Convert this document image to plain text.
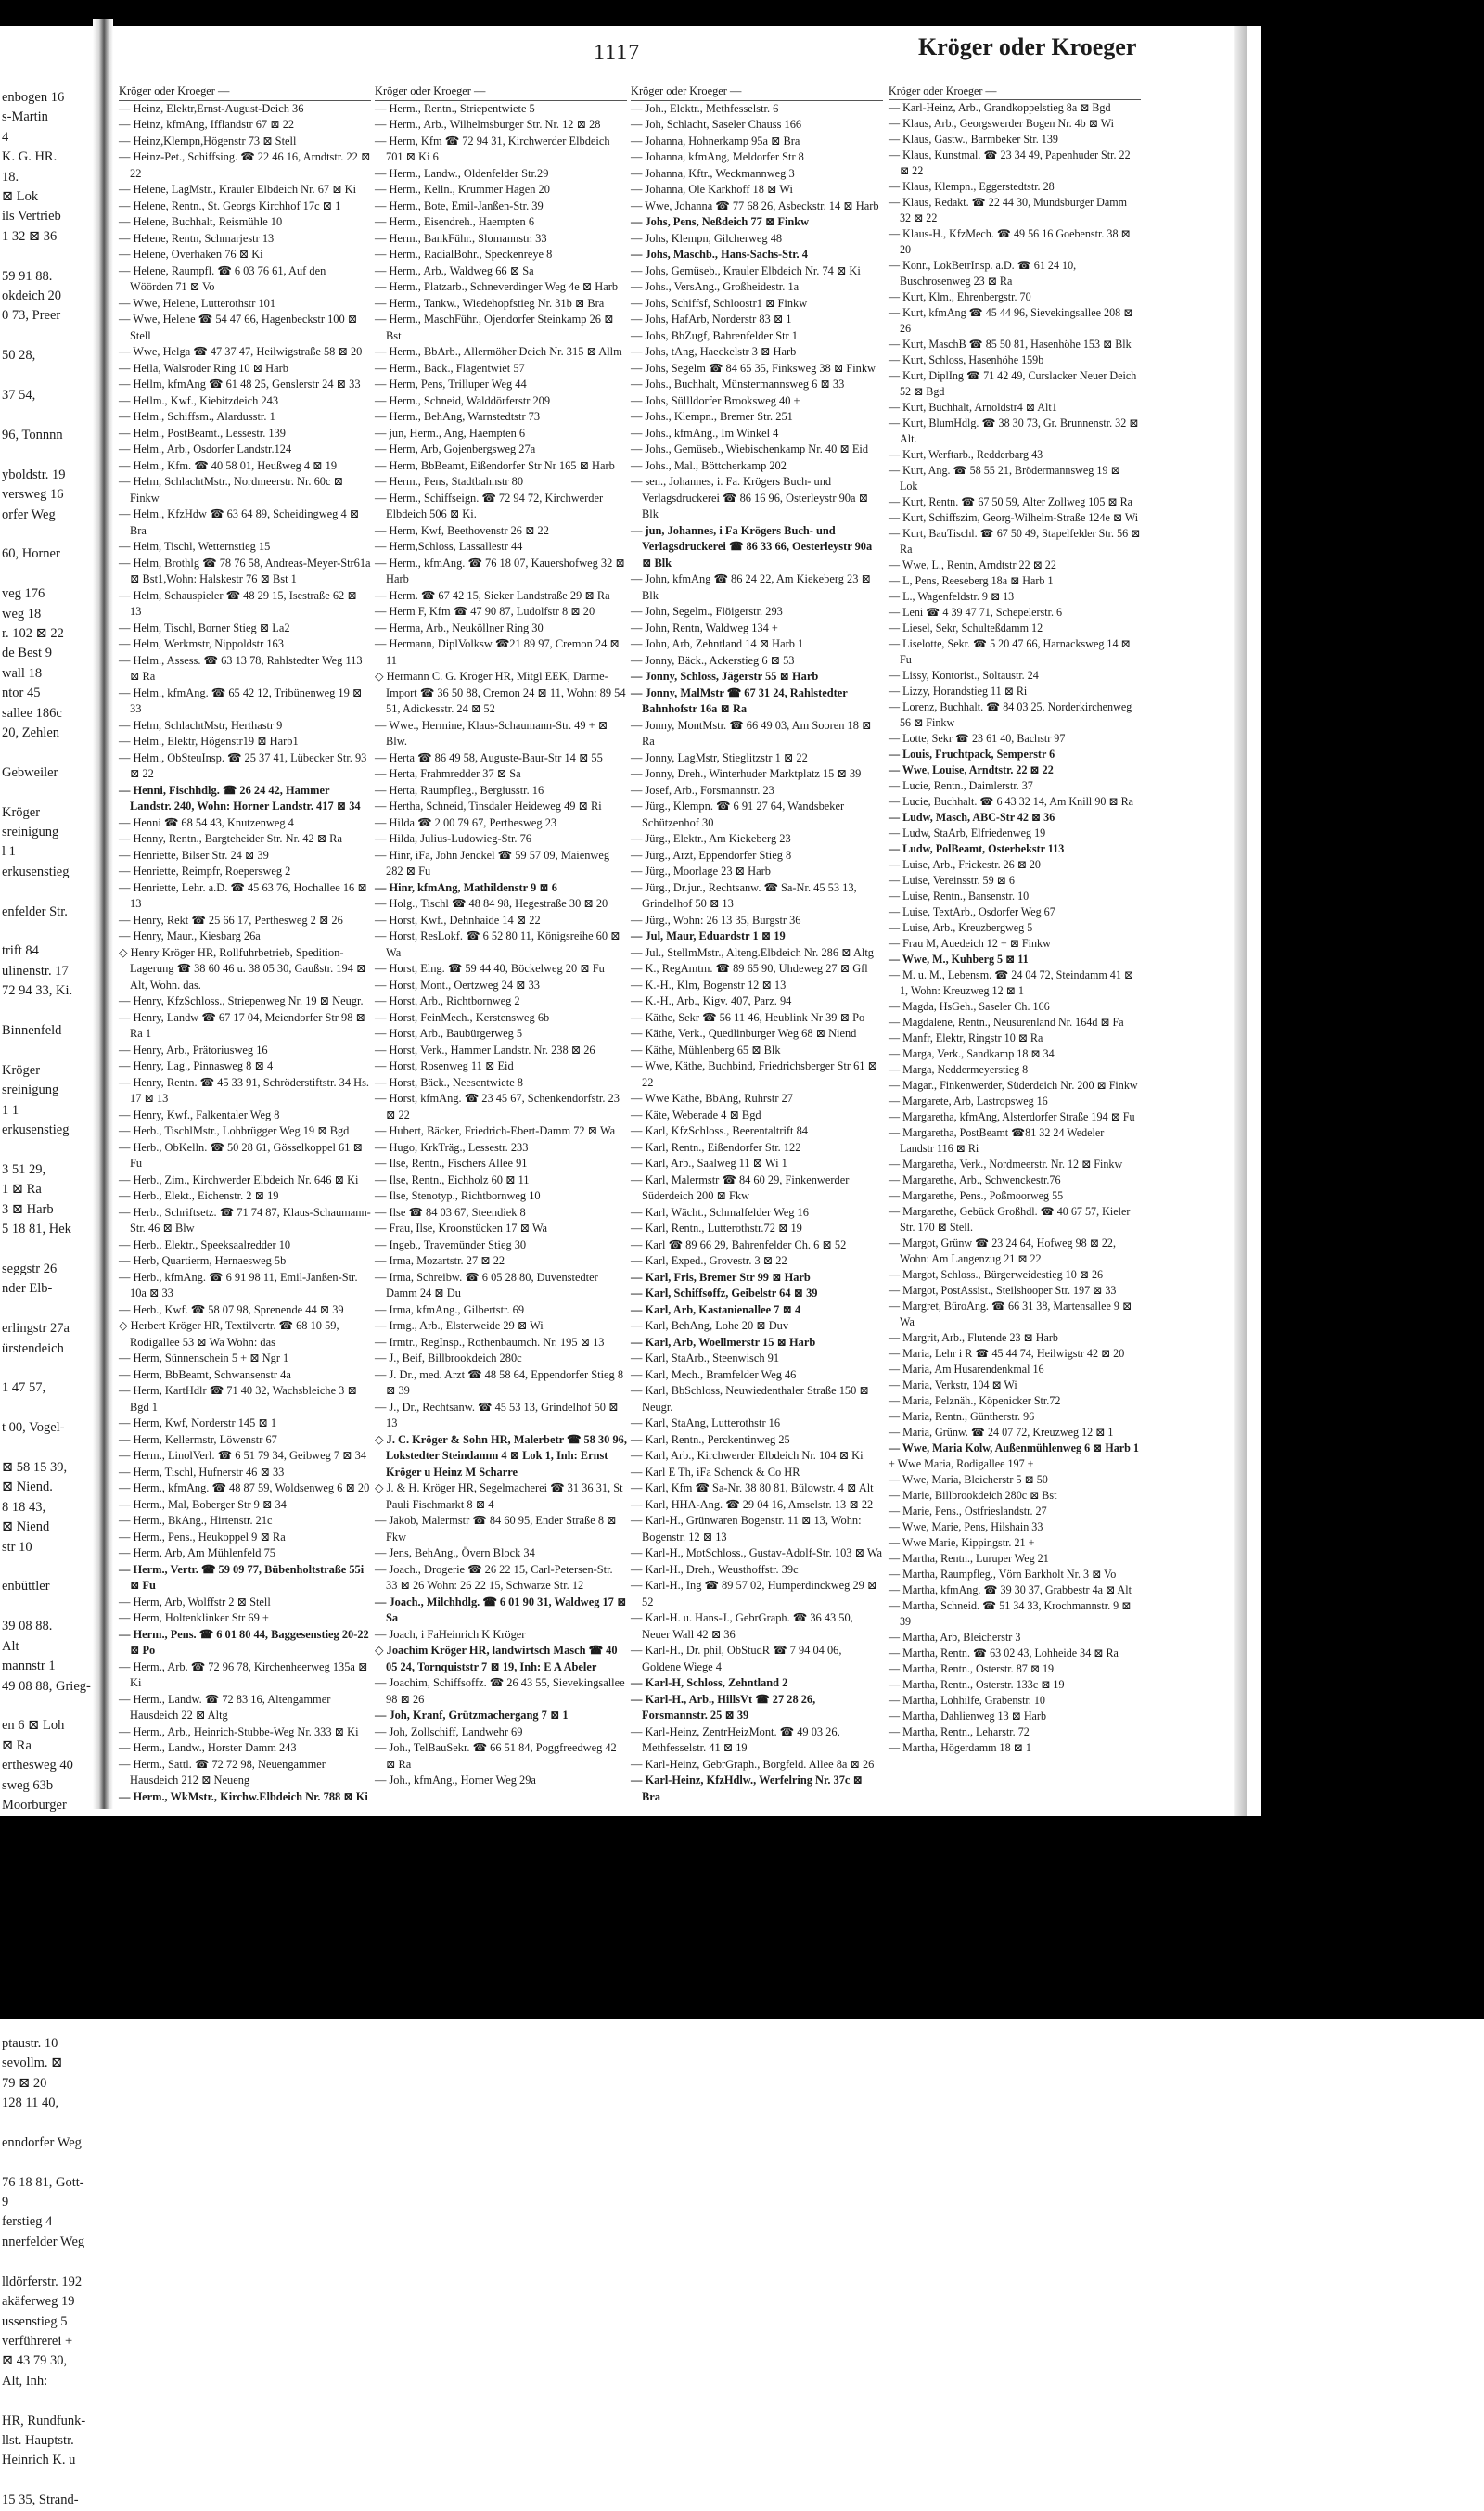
enbogen 16
s-Martin
4
K. G. HR.
18.
⊠ Lok
ils Vertrieb
1 32 ⊠ 36

59 91 88.
okdeich 20
0 73, Preer

50 28,

37 54,

96, Tonnnn

yboldstr. 19
versweg 16
orfer Weg

60, Horner

veg 176
weg 18
r. 102 ⊠ 22
de Best 9
wall 18
ntor 45
sallee 186c
20, Zehlen

Gebweiler

Kröger
sreinigung
l 1
erkusenstieg

enfelder Str.

trift 84
ulinenstr. 17
72 94 33, Ki.

Binnenfeld

Kröger
sreinigung
1 1
erkusenstieg

3 51 29,
1 ⊠ Ra
3 ⊠ Harb
5 18 81, Hek

seggstr 26
nder Elb-

erlingstr 27a
ürstendeich

1 47 57,

t 00, Vogel-

⊠ 58 15 39,
⊠ Niend.
8 18 43,
⊠ Niend
str 10

enbüttler

39 08 88.
Alt
mannstr 1
49 08 88, Grieg-

en 6 ⊠ Loh
⊠ Ra
erthesweg 40
sweg 63b
Moorburger

ptaustr. 10
sevollm. ⊠
79 ⊠ 20
128 11 40,

enndorfer Weg

76 18 81, Gott-
9
ferstieg 4
nnerfelder Weg

lldörferstr. 192
akäferweg 19
ussenstieg 5
verführerei +
⊠ 43 79 30,
Alt, Inh:

HR, Rundfunk-
llst. Hauptstr.
Heinrich K. u

15 35, Strand-
1117	Kröger oder Kroeger
Kröger oder Kroeger —
— Heinz, Elektr,Ernst-August-Deich 36
— Heinz, kfmAng, Ifflandstr 67 ⊠ 22
— Heinz,Klempn,Högenstr 73 ⊠ Stell
— Heinz-Pet., Schiffsing. ☎ 22 46 16, Arndtstr. 22 ⊠ 22
— Helene, LagMstr., Kräuler Elbdeich Nr. 67 ⊠ Ki
— Helene, Rentn., St. Georgs Kirchhof 17c ⊠ 1
— Helene, Buchhalt, Reismühle 10
— Helene, Rentn, Schmarjestr 13
— Helene, Overhaken 76 ⊠ Ki
— Helene, Raumpfl. ☎ 6 03 76 61, Auf den Wöörden 71 ⊠ Vo
— Wwe, Helene, Lutterothstr 101
— Wwe, Helene ☎ 54 47 66, Hagenbeckstr 100 ⊠ Stell
— Wwe, Helga ☎ 47 37 47, Heilwigstraße 58 ⊠ 20
— Hella, Walsroder Ring 10 ⊠ Harb
— Hellm, kfmAng ☎ 61 48 25, Genslerstr 24 ⊠ 33
— Hellm., Kwf., Kiebitzdeich 243
— Helm., Schiffsm., Alardusstr. 1
— Helm., PostBeamt., Lessestr. 139
— Helm., Arb., Osdorfer Landstr.124
— Helm., Kfm. ☎ 40 58 01, Heußweg 4 ⊠ 19
— Helm, SchlachtMstr., Nordmeerstr. Nr. 60c ⊠ Finkw
— Helm., KfzHdw ☎ 63 64 89, Scheidingweg 4 ⊠ Bra
— Helm, Tischl, Wetternstieg 15
— Helm, Brothlg ☎ 78 76 58, Andreas-Meyer-Str61a ⊠ Bst1,Wohn: Halskestr 76 ⊠ Bst 1
— Helm, Schauspieler ☎ 48 29 15, Isestraße 62 ⊠ 13
— Helm, Tischl, Borner Stieg ⊠ La2
— Helm, Werkmstr, Nippoldstr 163
— Helm., Assess. ☎ 63 13 78, Rahlstedter Weg 113 ⊠ Ra
— Helm., kfmAng. ☎ 65 42 12, Tribünenweg 19 ⊠ 33
— Helm, SchlachtMstr, Herthastr 9
— Helm., Elektr, Högenstr19 ⊠ Harb1
— Helm., ObSteuInsp. ☎ 25 37 41, Lübecker Str. 93 ⊠ 22
— Henni, Fischhdlg. ☎ 26 24 42, Hammer Landstr. 240, Wohn: Horner Landstr. 417 ⊠ 34
— Henni ☎ 68 54 43, Knutzenweg 4
— Henny, Rentn., Bargteheider Str. Nr. 42 ⊠ Ra
— Henriette, Bilser Str. 24 ⊠ 39
— Henriette, Reimpfr, Roepersweg 2
— Henriette, Lehr. a.D. ☎ 45 63 76, Hochallee 16 ⊠ 13
— Henry, Rekt ☎ 25 66 17, Perthesweg 2 ⊠ 26
— Henry, Maur., Kiesbarg 26a
◇ Henry Kröger HR, Rollfuhrbetrieb, Spedition-Lagerung ☎ 38 60 46 u. 38 05 30, Gaußstr. 194 ⊠ Alt, Wohn. das.
— Henry, KfzSchloss., Striepenweg Nr. 19 ⊠ Neugr.
— Henry, Landw ☎ 67 17 04, Meiendorfer Str 98 ⊠ Ra 1
— Henry, Arb., Prätoriusweg 16
— Henry, Lag., Pinnasweg 8 ⊠ 4
— Henry, Rentn. ☎ 45 33 91, Schröderstiftstr. 34 Hs. 17 ⊠ 13
— Henry, Kwf., Falkentaler Weg 8
— Herb., TischlMstr., Lohbrügger Weg 19 ⊠ Bgd
— Herb., ObKelln. ☎ 50 28 61, Gösselkoppel 61 ⊠ Fu
— Herb., Zim., Kirchwerder Elbdeich Nr. 646 ⊠ Ki
— Herb., Elekt., Eichenstr. 2 ⊠ 19
— Herb., Schriftsetz. ☎ 71 74 87, Klaus-Schaumann-Str. 46 ⊠ Blw
— Herb., Elektr., Speeksaalredder 10
— Herb, Quartierm, Hernaesweg 5b
— Herb., kfmAng. ☎ 6 91 98 11, Emil-Janßen-Str. 10a ⊠ 33
— Herb., Kwf. ☎ 58 07 98, Sprenende 44 ⊠ 39
◇ Herbert Kröger HR, Textilvertr. ☎ 68 10 59, Rodigallee 53 ⊠ Wa Wohn: das
— Herm, Sünnenschein 5 + ⊠ Ngr 1
— Herm, BbBeamt, Schwansenstr 4a
— Herm, KartHdlr ☎ 71 40 32, Wachsbleiche 3 ⊠ Bgd 1
— Herm, Kwf, Norderstr 145 ⊠ 1
— Herm, Kellermstr, Löwenstr 67
— Herm., LinolVerl. ☎ 6 51 79 34, Geibweg 7 ⊠ 34
— Herm, Tischl, Hufnerstr 46 ⊠ 33
— Herm., kfmAng. ☎ 48 87 59, Woldsenweg 6 ⊠ 20
— Herm., Mal, Boberger Str 9 ⊠ 34
— Herm., BkAng., Hirtenstr. 21c
— Herm., Pens., Heukoppel 9 ⊠ Ra
— Herm, Arb, Am Mühlenfeld 75
— Herm., Vertr. ☎ 59 09 77, Bübenholtstraße 55i ⊠ Fu
— Herm, Arb, Wolffstr 2 ⊠ Stell
— Herm, Holtenklinker Str 69 +
— Herm., Pens. ☎ 6 01 80 44, Baggesenstieg 20-22 ⊠ Po
— Herm., Arb. ☎ 72 96 78, Kirchenheerweg 135a ⊠ Ki
— Herm., Landw. ☎ 72 83 16, Altengammer Hausdeich 22 ⊠ Altg
— Herm., Arb., Heinrich-Stubbe-Weg Nr. 333 ⊠ Ki
— Herm., Landw., Horster Damm 243
— Herm., Sattl. ☎ 72 72 98, Neuengammer Hausdeich 212 ⊠ Neueng
— Herm., WkMstr., Kirchw.Elbdeich Nr. 788 ⊠ Ki
Kröger oder Kroeger —
— Herm., Rentn., Striepentwiete 5
— Herm., Arb., Wilhelmsburger Str. Nr. 12 ⊠ 28
— Herm, Kfm ☎ 72 94 31, Kirchwerder Elbdeich 701 ⊠ Ki 6
— Herm., Landw., Oldenfelder Str.29
— Herm., Kelln., Krummer Hagen 20
— Herm., Bote, Emil-Janßen-Str. 39
— Herm., Eisendreh., Haempten 6
— Herm., BankFühr., Slomannstr. 33
— Herm., RadialBohr., Speckenreye 8
— Herm., Arb., Waldweg 66 ⊠ Sa
— Herm., Platzarb., Schneverdinger Weg 4e ⊠ Harb
— Herm., Tankw., Wiedehopfstieg Nr. 31b ⊠ Bra
— Herm., MaschFühr., Ojendorfer Steinkamp 26 ⊠ Bst
— Herm., BbArb., Allermöher Deich Nr. 315 ⊠ Allm
— Herm., Bäck., Flagentwiet 57
— Herm, Pens, Trilluper Weg 44
— Herm., Schneid, Walddörferstr 209
— Herm., BehAng, Warnstedtstr 73
— jun, Herm., Ang, Haempten 6
— Herm, Arb, Gojenbergsweg 27a
— Herm, BbBeamt, Eißendorfer Str Nr 165 ⊠ Harb
— Herm., Pens, Stadtbahnstr 80
— Herm., Schiffseign. ☎ 72 94 72, Kirchwerder Elbdeich 506 ⊠ Ki.
— Herm, Kwf, Beethovenstr 26 ⊠ 22
— Herm,Schloss, Lassallestr 44
— Herm., kfmAng. ☎ 76 18 07, Kauershofweg 32 ⊠ Harb
— Herm. ☎ 67 42 15, Sieker Landstraße 29 ⊠ Ra
— Herm F, Kfm ☎ 47 90 87, Ludolfstr 8 ⊠ 20
— Herma, Arb., Neuköllner Ring 30
— Hermann, DiplVolksw ☎21 89 97, Cremon 24 ⊠ 11
◇ Hermann C. G. Kröger HR, Mitgl EEK, Därme-Import ☎ 36 50 88, Cremon 24 ⊠ 11, Wohn: 89 54 51, Adickesstr. 24 ⊠ 52
— Wwe., Hermine, Klaus-Schaumann-Str. 49 + ⊠ Blw.
— Herta ☎ 86 49 58, Auguste-Baur-Str 14 ⊠ 55
— Herta, Frahmredder 37 ⊠ Sa
— Herta, Raumpfleg., Bergiusstr. 16
— Hertha, Schneid, Tinsdaler Heideweg 49 ⊠ Ri
— Hilda ☎ 2 00 79 67, Perthesweg 23
— Hilda, Julius-Ludowieg-Str. 76
— Hinr, iFa, John Jenckel ☎ 59 57 09, Maienweg 282 ⊠ Fu
— Hinr, kfmAng, Mathildenstr 9 ⊠ 6
— Holg., Tischl ☎ 48 84 98, Hegestraße 30 ⊠ 20
— Horst, Kwf., Dehnhaide 14 ⊠ 22
— Horst, ResLokf. ☎ 6 52 80 11, Königsreihe 60 ⊠ Wa
— Horst, Elng. ☎ 59 44 40, Böckelweg 20 ⊠ Fu
— Horst, Mont., Oertzweg 24 ⊠ 33
— Horst, Arb., Richtbornweg 2
— Horst, FeinMech., Kerstensweg 6b
— Horst, Arb., Baubürgerweg 5
— Horst, Verk., Hammer Landstr. Nr. 238 ⊠ 26
— Horst, Rosenweg 11 ⊠ Eid
— Horst, Bäck., Neesentwiete 8
— Horst, kfmAng. ☎ 23 45 67, Schenkendorfstr. 23 ⊠ 22
— Hubert, Bäcker, Friedrich-Ebert-Damm 72 ⊠ Wa
— Hugo, KrkTräg., Lessestr. 233
— Ilse, Rentn., Fischers Allee 91
— Ilse, Rentn., Eichholz 60 ⊠ 11
— Ilse, Stenotyp., Richtbornweg 10
— Ilse ☎ 84 03 67, Steendiek 8
— Frau, Ilse, Kroonstücken 17 ⊠ Wa
— Ingeb., Travemünder Stieg 30
— Irma, Mozartstr. 27 ⊠ 22
— Irma, Schreibw. ☎ 6 05 28 80, Duvenstedter Damm 24 ⊠ Du
— Irma, kfmAng., Gilbertstr. 69
— Irmg., Arb., Elsterweide 29 ⊠ Wi
— Irmtr., RegInsp., Rothenbaumch. Nr. 195 ⊠ 13
— J., Beif, Billbrookdeich 280c
— J. Dr., med. Arzt ☎ 48 58 64, Eppendorfer Stieg 8 ⊠ 39
— J., Dr., Rechtsanw. ☎ 45 53 13, Grindelhof 50 ⊠ 13
◇ J. C. Kröger & Sohn HR, Malerbetr ☎ 58 30 96, Lokstedter Steindamm 4 ⊠ Lok 1, Inh: Ernst Kröger u Heinz M Scharre
◇ J. & H. Kröger HR, Segelmacherei ☎ 31 36 31, St Pauli Fischmarkt 8 ⊠ 4
— Jakob, Malermstr ☎ 84 60 95, Ender Straße 8 ⊠ Fkw
— Jens, BehAng., Övern Block 34
— Joach., Drogerie ☎ 26 22 15, Carl-Petersen-Str. 33 ⊠ 26 Wohn: 26 22 15, Schwarze Str. 12
— Joach., Milchhdlg. ☎ 6 01 90 31, Waldweg 17 ⊠ Sa
— Joach, i FaHeinrich K Kröger
◇ Joachim Kröger HR, landwirtsch Masch ☎ 40 05 24, Tornquiststr 7 ⊠ 19, Inh: E A Abeler
— Joachim, Schiffsoffz. ☎ 26 43 55, Sievekingsallee 98 ⊠ 26
— Joh, Kranf, Grützmachergang 7 ⊠ 1
— Joh, Zollschiff, Landwehr 69
— Joh., TelBauSekr. ☎ 66 51 84, Poggfreedweg 42 ⊠ Ra
— Joh., kfmAng., Horner Weg 29a
Kröger oder Kroeger —
— Joh., Elektr., Methfesselstr. 6
— Joh, Schlacht, Saseler Chauss 166
— Johanna, Hohnerkamp 95a ⊠ Bra
— Johanna, kfmAng, Meldorfer Str 8
— Johanna, Kftr., Weckmannweg 3
— Johanna, Ole Karkhoff 18 ⊠ Wi
— Wwe, Johanna ☎ 77 68 26, Asbeckstr. 14 ⊠ Harb
— Johs, Pens, Neßdeich 77 ⊠ Finkw
— Johs, Klempn, Gilcherweg 48
— Johs, Maschb., Hans-Sachs-Str. 4
— Johs, Gemüseb., Krauler Elbdeich Nr. 74 ⊠ Ki
— Johs., VersAng., Großheidestr. 1a
— Johs, Schiffsf, Schloostr1 ⊠ Finkw
— Johs, HafArb, Norderstr 83 ⊠ 1
— Johs, BbZugf, Bahrenfelder Str 1
— Johs, tAng, Haeckelstr 3 ⊠ Harb
— Johs, Segelm ☎ 84 65 35, Finksweg 38 ⊠ Finkw
— Johs., Buchhalt, Münstermannsweg 6 ⊠ 33
— Johs, Süllldorfer Brooksweg 40 +
— Johs., Klempn., Bremer Str. 251
— Johs., kfmAng., Im Winkel 4
— Johs., Gemüseb., Wiebischenkamp Nr. 40 ⊠ Eid
— Johs., Mal., Böttcherkamp 202
— sen., Johannes, i. Fa. Krögers Buch- und Verlagsdruckerei ☎ 86 16 96, Osterleystr 90a ⊠ Blk
— jun, Johannes, i Fa Krögers Buch- und Verlagsdruckerei ☎ 86 33 66, Oesterleystr 90a ⊠ Blk
— John, kfmAng ☎ 86 24 22, Am Kiekeberg 23 ⊠ Blk
— John, Segelm., Flöigerstr. 293
— John, Rentn, Waldweg 134 +
— John, Arb, Zehntland 14 ⊠ Harb 1
— Jonny, Bäck., Ackerstieg 6 ⊠ 53
— Jonny, Schloss, Jägerstr 55 ⊠ Harb
— Jonny, MalMstr ☎ 67 31 24, Rahlstedter Bahnhofstr 16a ⊠ Ra
— Jonny, MontMstr. ☎ 66 49 03, Am Sooren 18 ⊠ Ra
— Jonny, LagMstr, Stieglitzstr 1 ⊠ 22
— Jonny, Dreh., Winterhuder Marktplatz 15 ⊠ 39
— Josef, Arb., Forsmannstr. 23
— Jürg., Klempn. ☎ 6 91 27 64, Wandsbeker Schützenhof 30
— Jürg., Elektr., Am Kiekeberg 23
— Jürg., Arzt, Eppendorfer Stieg 8
— Jürg., Moorlage 23 ⊠ Harb
— Jürg., Dr.jur., Rechtsanw. ☎ Sa-Nr. 45 53 13, Grindelhof 50 ⊠ 13
— Jürg., Wohn: 26 13 35, Burgstr 36
— Jul, Maur, Eduardstr 1 ⊠ 19
— Jul., StellmMstr., Alteng.Elbdeich Nr. 286 ⊠ Altg
— K., RegAmtm. ☎ 89 65 90, Uhdeweg 27 ⊠ Gfl
— K.-H., Klm, Bogenstr 12 ⊠ 13
— K.-H., Arb., Kigv. 407, Parz. 94
— Käthe, Sekr ☎ 56 11 46, Heublink Nr 39 ⊠ Po
— Käthe, Verk., Quedlinburger Weg 68 ⊠ Niend
— Käthe, Mühlenberg 65 ⊠ Blk
— Wwe, Käthe, Buchbind, Friedrichsberger Str 61 ⊠ 22
— Wwe Käthe, BbAng, Ruhrstr 27
— Käte, Weberade 4 ⊠ Bgd
— Karl, KfzSchloss., Beerentaltrift 84
— Karl, Rentn., Eißendorfer Str. 122
— Karl, Arb., Saalweg 11 ⊠ Wi 1
— Karl, Malermstr ☎ 84 60 29, Finkenwerder Süderdeich 200 ⊠ Fkw
— Karl, Wächt., Schmalfelder Weg 16
— Karl, Rentn., Lutterothstr.72 ⊠ 19
— Karl ☎ 89 66 29, Bahrenfelder Ch. 6 ⊠ 52
— Karl, Exped., Grovestr. 3 ⊠ 22
— Karl, Fris, Bremer Str 99 ⊠ Harb
— Karl, Schiffsoffz, Geibelstr 64 ⊠ 39
— Karl, Arb, Kastanienallee 7 ⊠ 4
— Karl, BehAng, Lohe 20 ⊠ Duv
— Karl, Arb, Woellmerstr 15 ⊠ Harb
— Karl, StaArb., Steenwisch 91
— Karl, Mech., Bramfelder Weg 46
— Karl, BbSchloss, Neuwiedenthaler Straße 150 ⊠ Neugr.
— Karl, StaAng, Lutterothstr 16
— Karl, Rentn., Perckentinweg 25
— Karl, Arb., Kirchwerder Elbdeich Nr. 104 ⊠ Ki
— Karl E Th, iFa Schenck & Co HR
— Karl, Kfm ☎ Sa-Nr. 38 80 81, Bülowstr. 4 ⊠ Alt
— Karl, HHA-Ang. ☎ 29 04 16, Amselstr. 13 ⊠ 22
— Karl-H., Grünwaren Bogenstr. 11 ⊠ 13, Wohn: Bogenstr. 12 ⊠ 13
— Karl-H., MotSchloss., Gustav-Adolf-Str. 103 ⊠ Wa
— Karl-H., Dreh., Weusthoffstr. 39c
— Karl-H., Ing ☎ 89 57 02, Humperdinckweg 29 ⊠ 52
— Karl-H. u. Hans-J., GebrGraph. ☎ 36 43 50, Neuer Wall 42 ⊠ 36
— Karl-H., Dr. phil, ObStudR ☎ 7 94 04 06, Goldene Wiege 4
— Karl-H, Schloss, Zehntland 2
— Karl-H., Arb., HillsVt ☎ 27 28 26, Forsmannstr. 25 ⊠ 39
— Karl-Heinz, ZentrHeizMont. ☎ 49 03 26, Methfesselstr. 41 ⊠ 19
— Karl-Heinz, GebrGraph., Borgfeld. Allee 8a ⊠ 26
— Karl-Heinz, KfzHdlw., Werfelring Nr. 37c ⊠ Bra
Kröger oder Kroeger —
— Karl-Heinz, Arb., Grandkoppelstieg 8a ⊠ Bgd
— Klaus, Arb., Georgswerder Bogen Nr. 4b ⊠ Wi
— Klaus, Gastw., Barmbeker Str. 139
— Klaus, Kunstmal. ☎ 23 34 49, Papenhuder Str. 22 ⊠ 22
— Klaus, Klempn., Eggerstedtstr. 28
— Klaus, Redakt. ☎ 22 44 30, Mundsburger Damm 32 ⊠ 22
— Klaus-H., KfzMech. ☎ 49 56 16 Goebenstr. 38 ⊠ 20
— Konr., LokBetrInsp. a.D. ☎ 61 24 10, Buschrosenweg 23 ⊠ Ra
— Kurt, Klm., Ehrenbergstr. 70
— Kurt, kfmAng ☎ 45 44 96, Sievekingsallee 208 ⊠ 26
— Kurt, MaschB ☎ 85 50 81, Hasenhöhe 153 ⊠ Blk
— Kurt, Schloss, Hasenhöhe 159b
— Kurt, DiplIng ☎ 71 42 49, Curslacker Neuer Deich 52 ⊠ Bgd
— Kurt, Buchhalt, Arnoldstr4 ⊠ Alt1
— Kurt, BlumHdlg. ☎ 38 30 73, Gr. Brunnenstr. 32 ⊠ Alt.
— Kurt, Werftarb., Redderbarg 43
— Kurt, Ang. ☎ 58 55 21, Brödermannsweg 19 ⊠ Lok
— Kurt, Rentn. ☎ 67 50 59, Alter Zollweg 105 ⊠ Ra
— Kurt, Schiffszim, Georg-Wilhelm-Straße 124e ⊠ Wi
— Kurt, BauTischl. ☎ 67 50 49, Stapelfelder Str. 56 ⊠ Ra
— Wwe, L., Rentn, Arndtstr 22 ⊠ 22
— L, Pens, Reeseberg 18a ⊠ Harb 1
— L., Wagenfeldstr. 9 ⊠ 13
— Leni ☎ 4 39 47 71, Schepelerstr. 6
— Liesel, Sekr, Schulteßdamm 12
— Liselotte, Sekr. ☎ 5 20 47 66, Harnacksweg 14 ⊠ Fu
— Lissy, Kontorist., Soltaustr. 24
— Lizzy, Horandstieg 11 ⊠ Ri
— Lorenz, Buchhalt. ☎ 84 03 25, Norderkirchenweg 56 ⊠ Finkw
— Lotte, Sekr ☎ 23 61 40, Bachstr 97
— Louis, Fruchtpack, Semperstr 6
— Wwe, Louise, Arndtstr. 22 ⊠ 22
— Lucie, Rentn., Daimlerstr. 37
— Lucie, Buchhalt. ☎ 6 43 32 14, Am Knill 90 ⊠ Ra
— Ludw, Masch, ABC-Str 42 ⊠ 36
— Ludw, StaArb, Elfriedenweg 19
— Ludw, PolBeamt, Osterbekstr 113
— Luise, Arb., Frickestr. 26 ⊠ 20
— Luise, Vereinsstr. 59 ⊠ 6
— Luise, Rentn., Bansenstr. 10
— Luise, TextArb., Osdorfer Weg 67
— Luise, Arb., Kreuzbergweg 5
— Frau M, Auedeich 12 + ⊠ Finkw
— Wwe, M., Kuhberg 5 ⊠ 11
— M. u. M., Lebensm. ☎ 24 04 72, Steindamm 41 ⊠ 1, Wohn: Kreuzweg 12 ⊠ 1
— Magda, HsGeh., Saseler Ch. 166
— Magdalene, Rentn., Neusurenland Nr. 164d ⊠ Fa
— Manfr, Elektr, Ringstr 10 ⊠ Ra
— Marga, Verk., Sandkamp 18 ⊠ 34
— Marga, Neddermeyerstieg 8
— Magar., Finkenwerder, Süderdeich Nr. 200 ⊠ Finkw
— Margarete, Arb, Lastropsweg 16
— Margaretha, kfmAng, Alsterdorfer Straße 194 ⊠ Fu
— Margaretha, PostBeamt ☎81 32 24 Wedeler Landstr 116 ⊠ Ri
— Margaretha, Verk., Nordmeerstr. Nr. 12 ⊠ Finkw
— Margarethe, Arb., Schwenckestr.76
— Margarethe, Pens., Poßmoorweg 55
— Margarethe, Gebück Großhdl. ☎ 40 67 57, Kieler Str. 170 ⊠ Stell.
— Margot, Grünw ☎ 23 24 64, Hofweg 98 ⊠ 22, Wohn: Am Langenzug 21 ⊠ 22
— Margot, Schloss., Bürgerweidestieg 10 ⊠ 26
— Margot, PostAssist., Steilshooper Str. 197 ⊠ 33
— Margret, BüroAng. ☎ 66 31 38, Martensallee 9 ⊠ Wa
— Margrit, Arb., Flutende 23 ⊠ Harb
— Maria, Lehr i R ☎ 45 44 74, Heilwigstr 42 ⊠ 20
— Maria, Am Husarendenkmal 16
— Maria, Verkstr, 104 ⊠ Wi
— Maria, Pelznäh., Köpenicker Str.72
— Maria, Rentn., Güntherstr. 96
— Maria, Grünw. ☎ 24 07 72, Kreuzweg 12 ⊠ 1
— Wwe, Maria Kolw, Außenmühlenweg 6 ⊠ Harb 1
+ Wwe Maria, Rodigallee 197 +
— Wwe, Maria, Bleicherstr 5 ⊠ 50
— Marie, Billbrookdeich 280c ⊠ Bst
— Marie, Pens., Ostfrieslandstr. 27
— Wwe, Marie, Pens, Hilshain 33
— Wwe Marie, Kippingstr. 21 +
— Martha, Rentn., Luruper Weg 21
— Martha, Raumpfleg., Vörn Barkholt Nr. 3 ⊠ Vo
— Martha, kfmAng. ☎ 39 30 37, Grabbestr 4a ⊠ Alt
— Martha, Schneid. ☎ 51 34 33, Krochmannstr. 9 ⊠ 39
— Martha, Arb, Bleicherstr 3
— Martha, Rentn. ☎ 63 02 43, Lohheide 34 ⊠ Ra
— Martha, Rentn., Osterstr. 87 ⊠ 19
— Martha, Rentn., Osterstr. 133c ⊠ 19
— Martha, Lohhilfe, Grabenstr. 10
— Martha, Dahlienweg 13 ⊠ Harb
— Martha, Rentn., Leharstr. 72
— Martha, Högerdamm 18 ⊠ 1
